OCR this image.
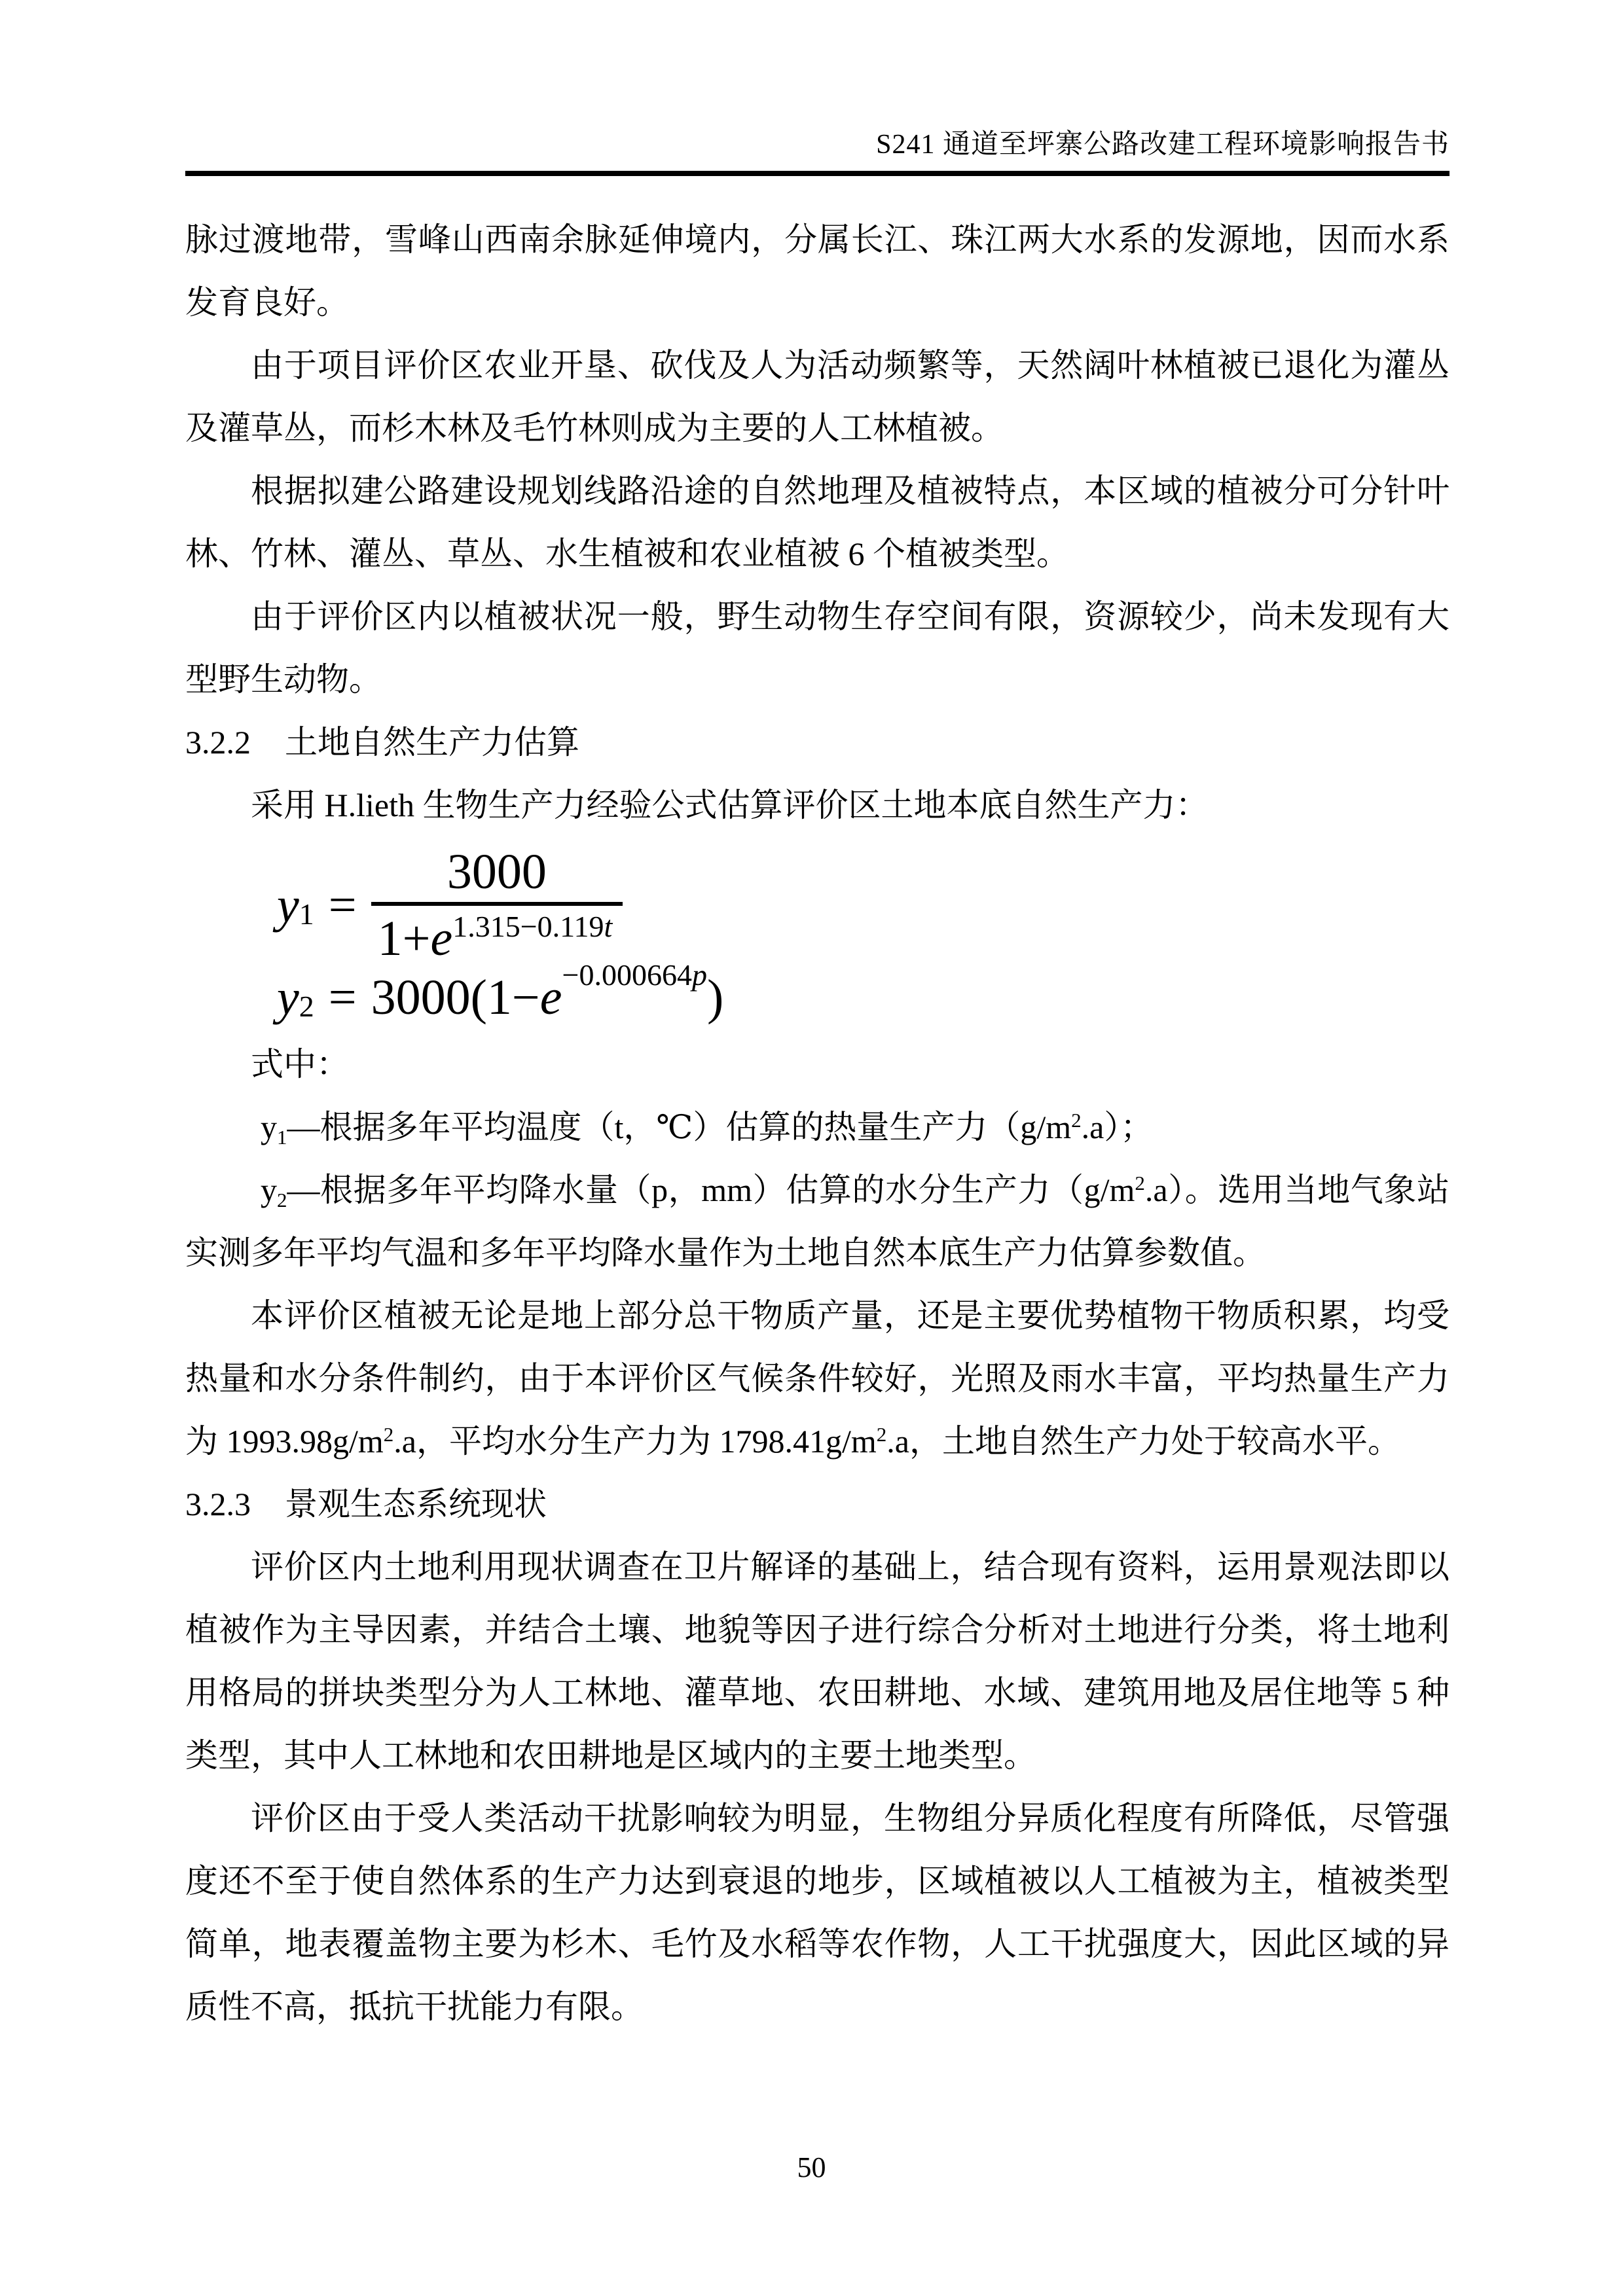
S241 通道至坪寨公路改建工程环境影响报告书

脉过渡地带，雪峰山西南余脉延伸境内，分属长江、珠江两大水系的发源地，因而水系发育良好。

由于项目评价区农业开垦、砍伐及人为活动频繁等，天然阔叶林植被已退化为灌丛及灌草丛，而杉木林及毛竹林则成为主要的人工林植被。

根据拟建公路建设规划线路沿途的自然地理及植被特点，本区域的植被分可分针叶林、竹林、灌丛、草丛、水生植被和农业植被 6 个植被类型。

由于评价区内以植被状况一般，野生动物生存空间有限，资源较少，尚未发现有大型野生动物。

3.2.2 土地自然生产力估算

采用 H.lieth 生物生产力经验公式估算评价区土地本底自然生产力：

y $1 = \frac{3000}{1+e^{1.315-0.119t}}$
y 2 = 3000(1− e −0.000664p )

式中：

y1—根据多年平均温度（t，℃）估算的热量生产力$(g/m^2.a)$；

y2—根据多年平均降水量（p，mm）估算的水分生产力$(g/m^2.a)$。选用当地气象站实测多年平均气温和多年平均降水量作为土地自然本底生产力估算参数值。

本评价区植被无论是地上部分总干物质产量，还是主要优势植物干物质积累，均受热量和水分条件制约，由于本评价区气候条件较好，光照及雨水丰富，平均热量生产力为 $1993.98g/m^2.a$，平均水分生产力为 $1798.41g/m^2.a$，土地自然生产力处于较高水平。

3.2.3 景观生态系统现状

评价区内土地利用现状调查在卫片解译的基础上，结合现有资料，运用景观法即以植被作为主导因素，并结合土壤、地貌等因子进行综合分析对土地进行分类，将土地利用格局的拼块类型分为人工林地、灌草地、农田耕地、水域、建筑用地及居住地等 5 种类型，其中人工林地和农田耕地是区域内的主要土地类型。

评价区由于受人类活动干扰影响较为明显，生物组分异质化程度有所降低，尽管强度还不至于使自然体系的生产力达到衰退的地步，区域植被以人工植被为主，植被类型简单，地表覆盖物主要为杉木、毛竹及水稻等农作物，人工干扰强度大，因此区域的异质性不高，抵抗干扰能力有限。

50
